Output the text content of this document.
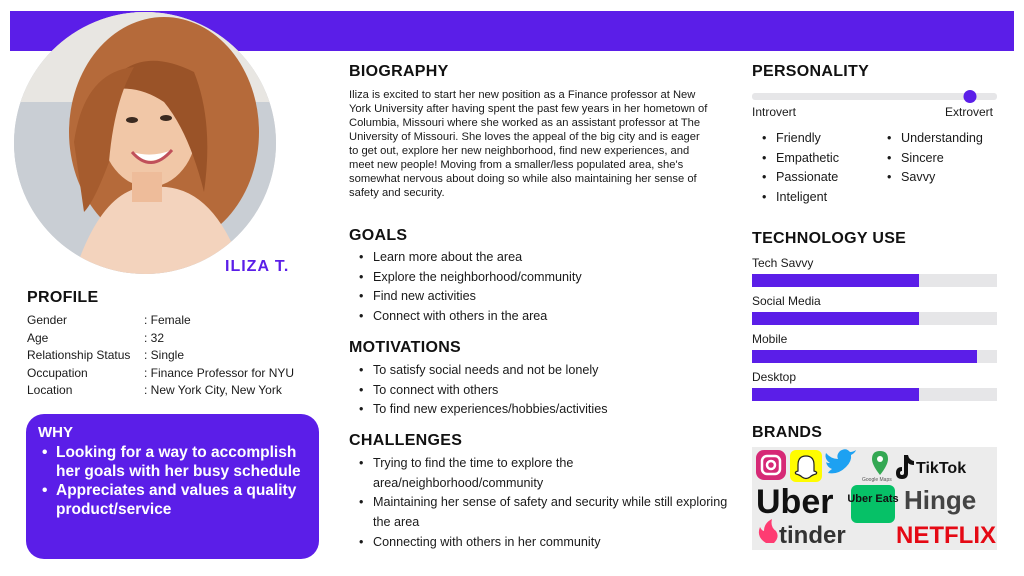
ILIZA T.
PROFILE
Gender	: Female
Age	: 32
Relationship Status	: Single
Occupation	: Finance Professor for NYU
Location	: New York City, New York
WHY
• Looking for a way to accomplish her goals with her busy schedule
• Appreciates and values a quality product/service
BIOGRAPHY

Iliza is excited to start her new position as a Finance professor at New York University after having spent the past few years in her hometown of Columbia, Missouri where she worked as an assistant professor at The University of Missouri. She loves the appeal of the big city and is eager to get out, explore her new neighborhood, find new experiences, and meet new people! Moving from a smaller/less populated area, she's somewhat nervous about doing so while also maintaining her sense of safety and security.

GOALS
• Learn more about the area
• Explore the neighborhood/community
• Find new activities
• Connect with others in the area
MOTIVATIONS
• To satisfy social needs and not be lonely
• To connect with others
• To find new experiences/hobbies/activities
CHALLENGES
• Trying to find the time to explore the area/neighborhood/community
• Maintaining her sense of safety and security while still exploring the area
• Connecting with others in her community
PERSONALITY
Introvert	Extrovert
• Friendly
• Empathetic
• Passionate
• Inteligent
• Understanding
• Sincere
• Savvy
TECHNOLOGY USE
Tech Savvy
Social Media
Mobile
Desktop
BRANDS
Google Maps
TikTok
Uber Uber Eats Hinge
tinder NETFLIX
